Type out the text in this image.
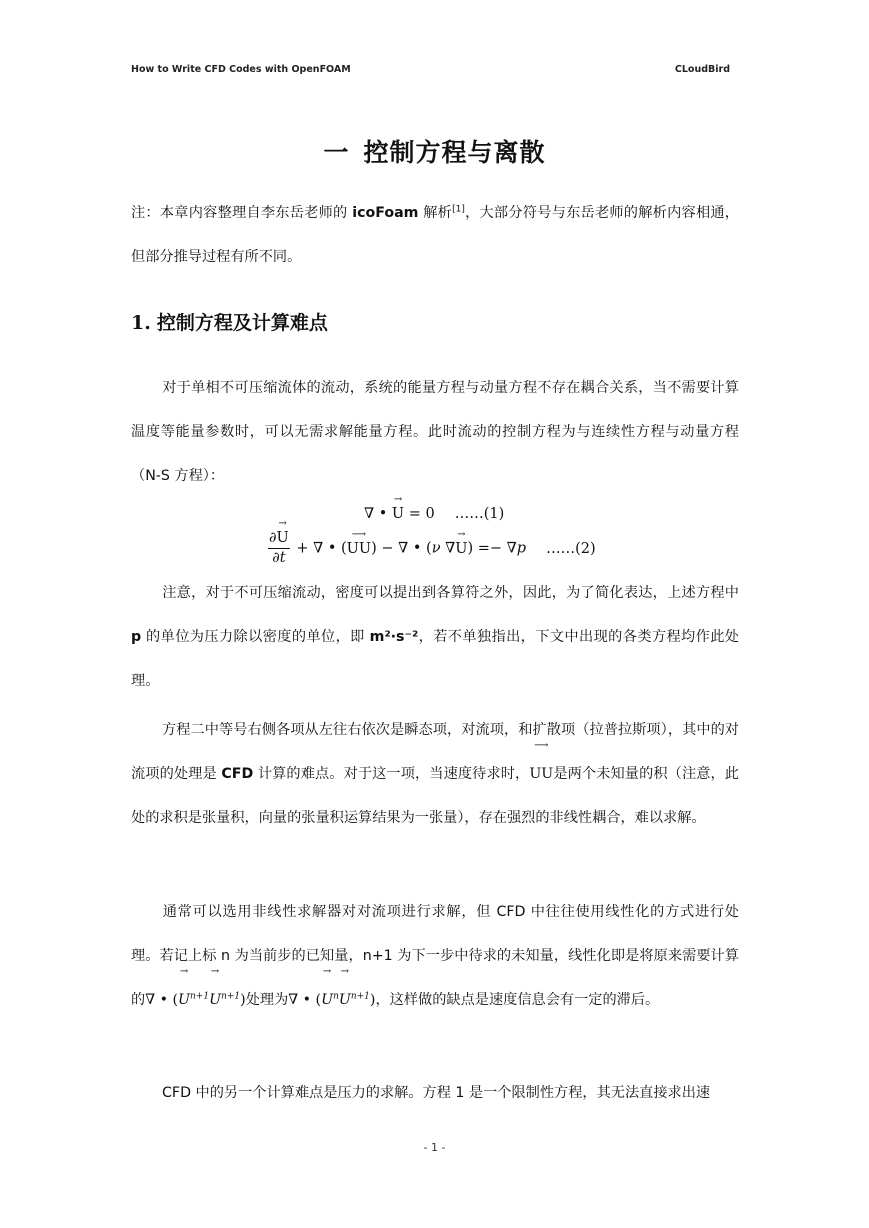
How to Write CFD Codes with OpenFOAM	CLoudBird
一 控制方程与离散
注：本章内容整理自李东岳老师的 icoFoam 解析[1]，大部分符号与东岳老师的解析内容相通，但部分推导过程有所不同。
1. 控制方程及计算难点
对于单相不可压缩流体的流动，系统的能量方程与动量方程不存在耦合关系，当不需要计算温度等能量参数时，可以无需求解能量方程。此时流动的控制方程为与连续性方程与动量方程（N-S 方程）：
∇ • → U = 0 ……(1)
$\frac{\partial\to U}{\partial t}$ + ∇ • (⟶ UU) − ∇ • (ν ∇→ U) =− ∇p ……(2)
注意，对于不可压缩流动，密度可以提出到各算符之外，因此，为了简化表达，上述方程中 p 的单位为压力除以密度的单位，即 m²·s⁻²，若不单独指出，下文中出现的各类方程均作此处理。
方程二中等号右侧各项从左往右依次是瞬态项，对流项，和扩散项（拉普拉斯项），其中的对流项的处理是 CFD 计算的难点。对于这一项，当速度待求时，⟶ UU是两个未知量的积（注意，此处的求积是张量积，向量的张量积运算结果为一张量），存在强烈的非线性耦合，难以求解。
通常可以选用非线性求解器对对流项进行求解，但 CFD 中往往使用线性化的方式进行处理。若记上标 n 为当前步的已知量，n+1 为下一步中待求的未知量，线性化即是将原来需要计算的∇ • (→ $U^{n+1}\to U^{n+1}$)处理为∇ • (→ $U^n\to U^{n+1}$)，这样做的缺点是速度信息会有一定的滞后。
CFD 中的另一个计算难点是压力的求解。方程 1 是一个限制性方程，其无法直接求出速
- 1 -
